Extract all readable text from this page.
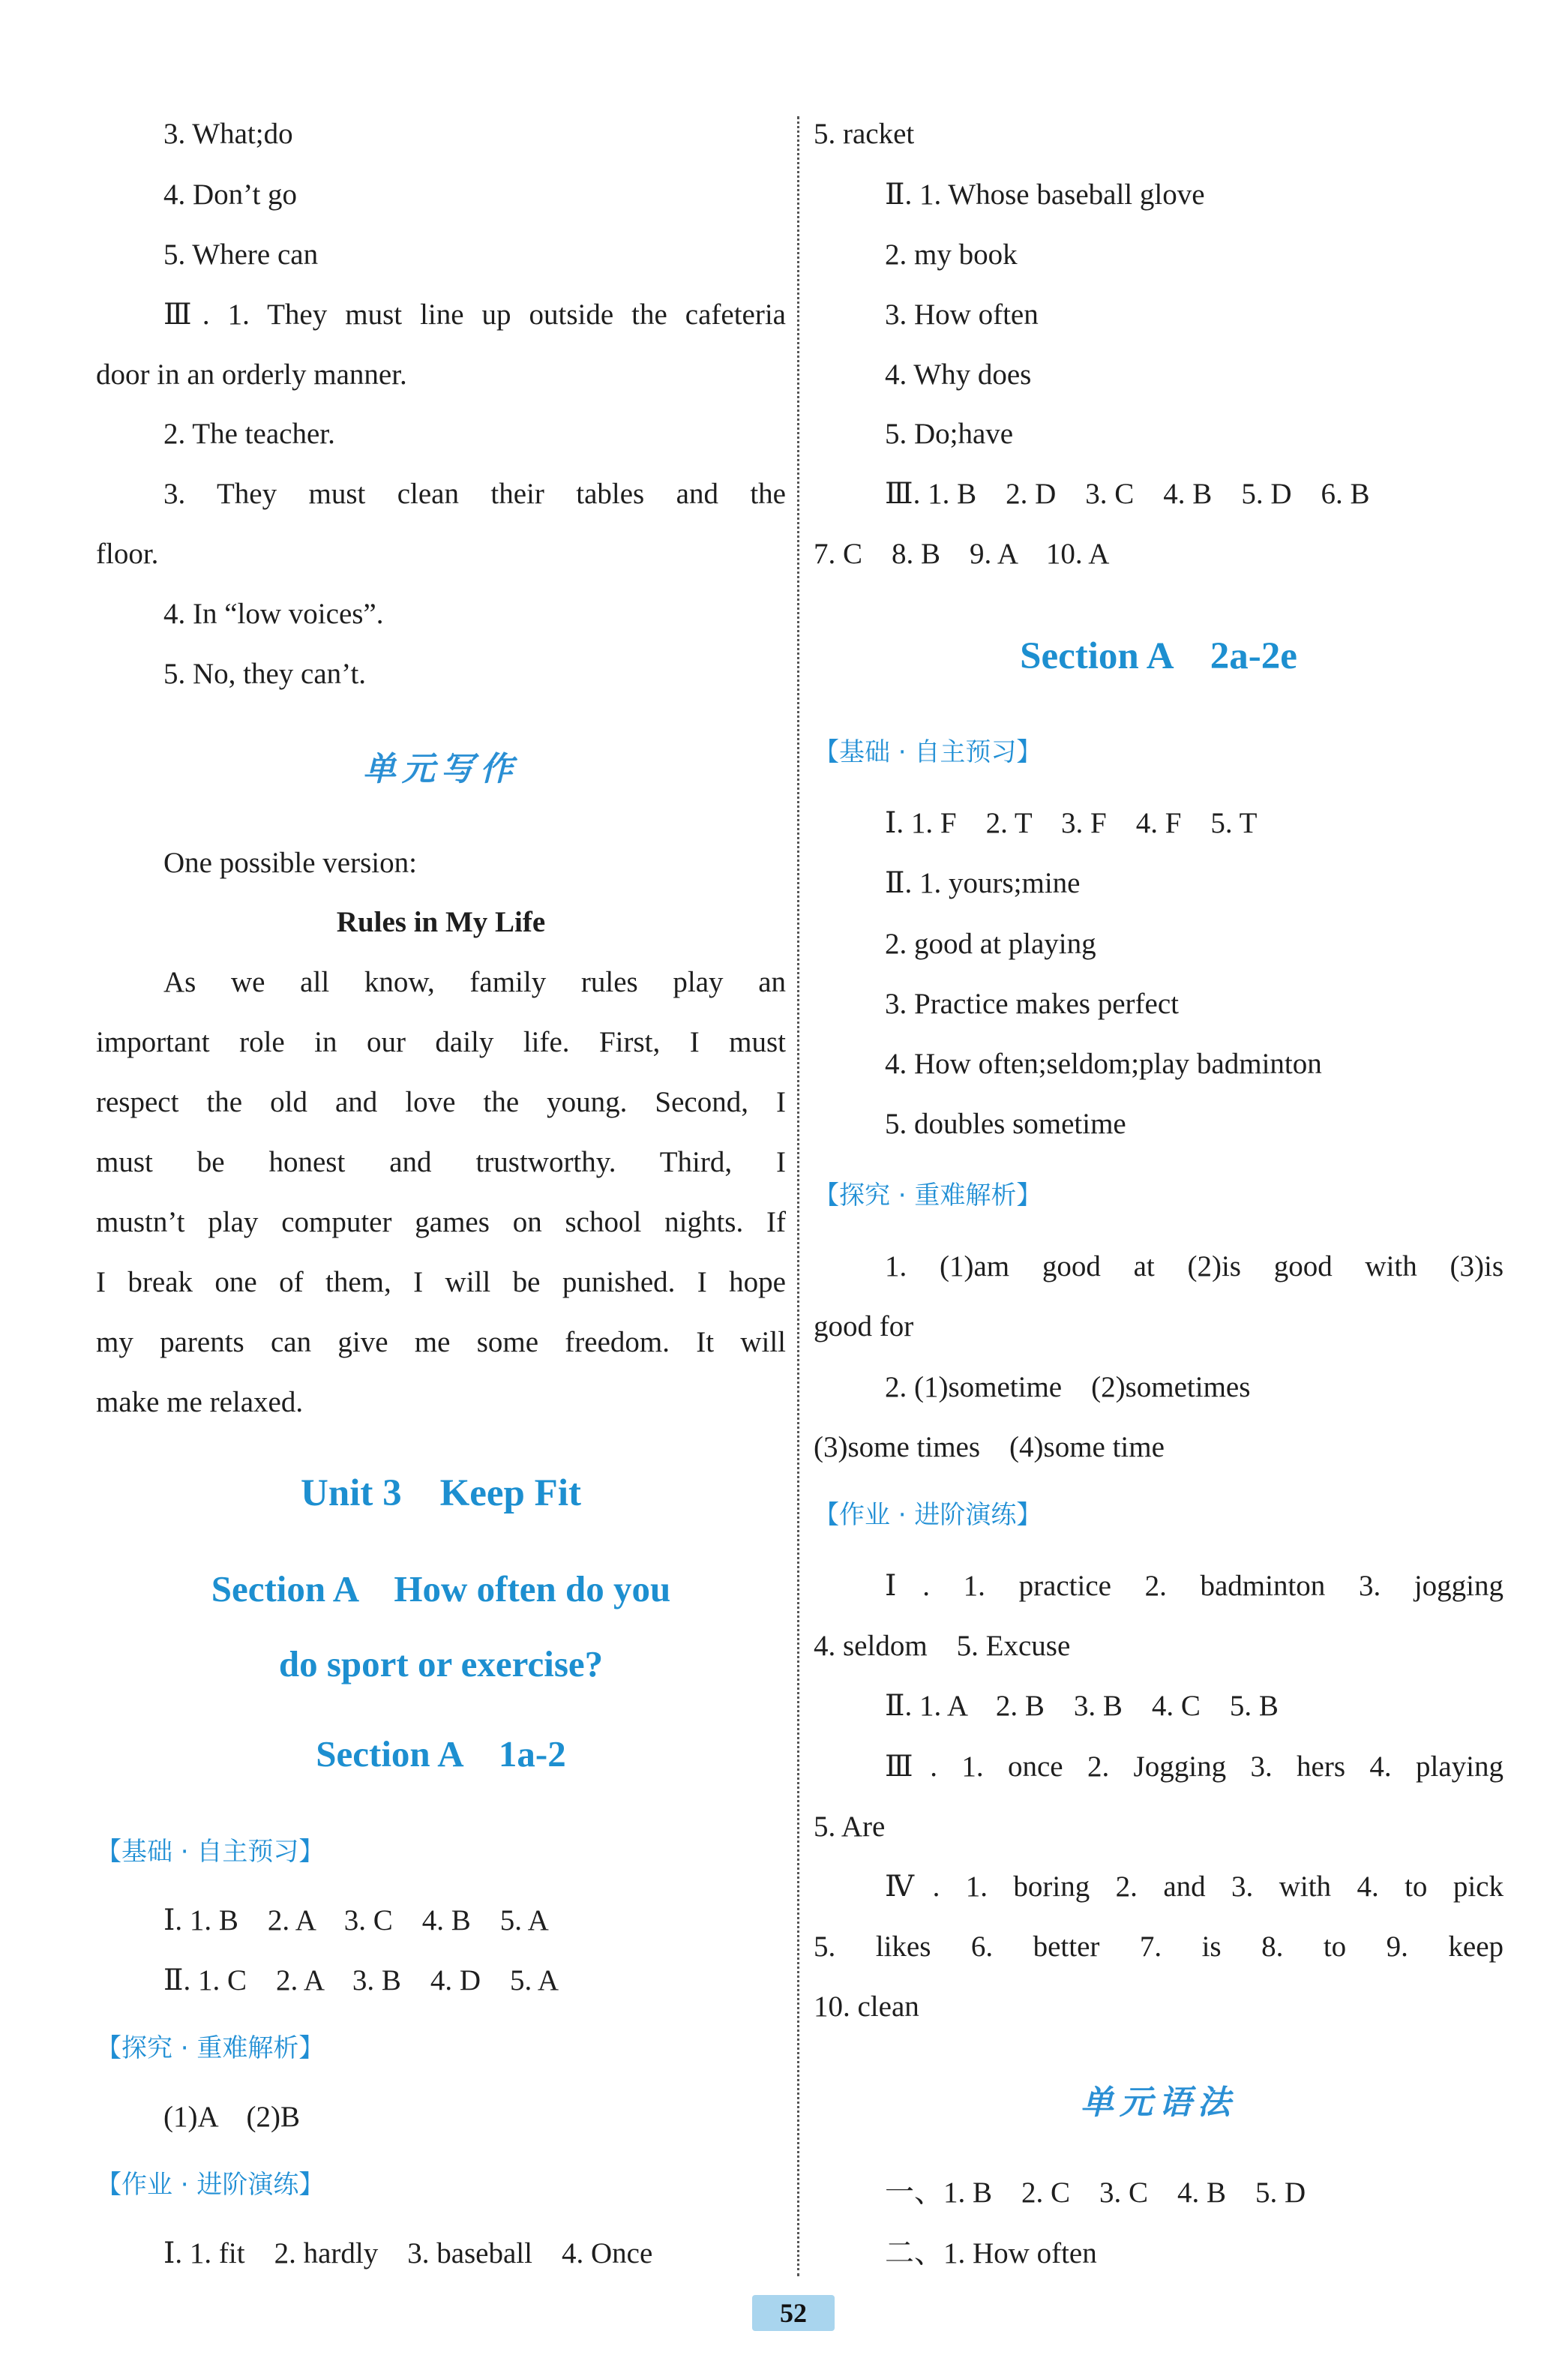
3. What;do
4. Don’t go
5. Where can
Ⅲ. 1. They must line up outside the cafeteria
door in an orderly manner.
2. The teacher.
3. They must clean their tables and the
floor.
4. In “low voices”.
5. No, they can’t.
单元写作
One possible version:
Rules in My Life
As we all know, family rules play an
important role in our daily life. First, I must
respect the old and love the young. Second, I
must be honest and trustworthy. Third, I
mustn’t play computer games on school nights. If
I break one of them, I will be punished. I hope
my parents can give me some freedom. It will
make me relaxed.
Unit 3    Keep Fit
Section A    How often do you
do sport or exercise?
Section A    1a-2
【基础 · 自主预习】
Ⅰ. 1. B    2. A    3. C    4. B    5. A
Ⅱ. 1. C    2. A    3. B    4. D    5. A
【探究 · 重难解析】
(1)A    (2)B
【作业 · 进阶演练】
Ⅰ. 1. fit    2. hardly    3. baseball    4. Once
5. racket
Ⅱ. 1. Whose baseball glove
2. my book
3. How often
4. Why does
5. Do;have
Ⅲ. 1. B    2. D    3. C    4. B    5. D    6. B
7. C    8. B    9. A    10. A
Section A    2a-2e
【基础 · 自主预习】
Ⅰ. 1. F    2. T    3. F    4. F    5. T
Ⅱ. 1. yours;mine
2. good at playing
3. Practice makes perfect
4. How often;seldom;play badminton
5. doubles sometime
【探究 · 重难解析】
1. (1)am good at (2)is good with (3)is
good for
2. (1)sometime    (2)sometimes
(3)some times    (4)some time
【作业 · 进阶演练】
Ⅰ. 1. practice 2. badminton 3. jogging
4. seldom    5. Excuse
Ⅱ. 1. A    2. B    3. B    4. C    5. B
Ⅲ. 1. once 2. Jogging 3. hers 4. playing
5. Are
Ⅳ. 1. boring 2. and 3. with 4. to pick
5. likes 6. better 7. is 8. to 9. keep
10. clean
单元语法
一、1. B    2. C    3. C    4. B    5. D
二、1. How often
52
